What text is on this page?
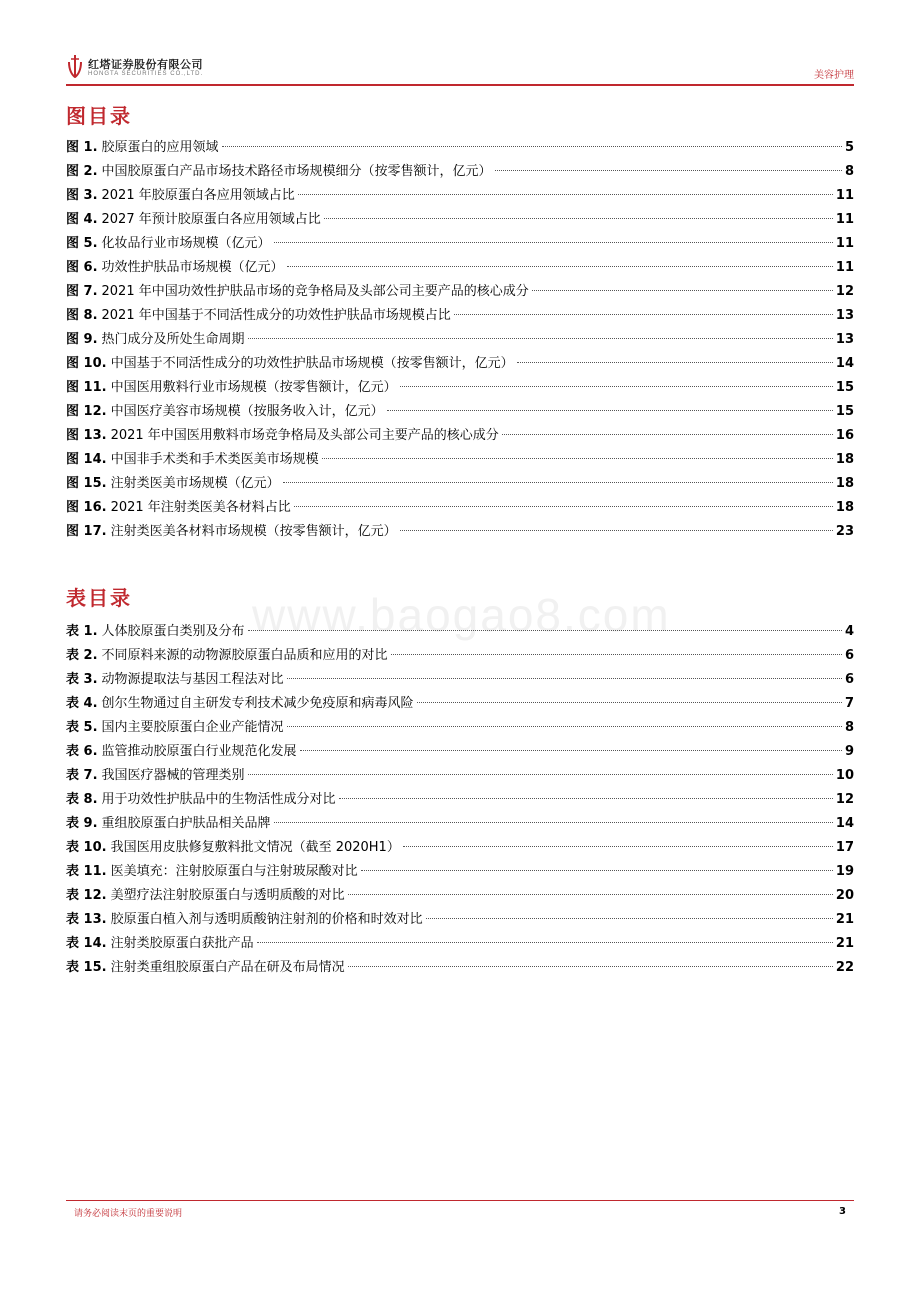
红塔证券股份有限公司
HONGTA SECURITIES CO.,LTD.	美容护理
www.baogao8.com
图目录
图 1. 胶原蛋白的应用领域	5
图 2. 中国胶原蛋白产品市场技术路径市场规模细分（按零售额计，亿元）	8
图 3. 2021 年胶原蛋白各应用领域占比	11
图 4. 2027 年预计胶原蛋白各应用领域占比	11
图 5. 化妆品行业市场规模（亿元）	11
图 6. 功效性护肤品市场规模（亿元）	11
图 7. 2021 年中国功效性护肤品市场的竞争格局及头部公司主要产品的核心成分	12
图 8. 2021 年中国基于不同活性成分的功效性护肤品市场规模占比	13
图 9. 热门成分及所处生命周期	13
图 10. 中国基于不同活性成分的功效性护肤品市场规模（按零售额计，亿元）	14
图 11. 中国医用敷料行业市场规模（按零售额计，亿元）	15
图 12. 中国医疗美容市场规模（按服务收入计，亿元）	15
图 13. 2021 年中国医用敷料市场竞争格局及头部公司主要产品的核心成分	16
图 14. 中国非手术类和手术类医美市场规模	18
图 15. 注射类医美市场规模（亿元）	18
图 16. 2021 年注射类医美各材料占比	18
图 17. 注射类医美各材料市场规模（按零售额计，亿元）	23
表目录
表 1. 人体胶原蛋白类别及分布	4
表 2. 不同原料来源的动物源胶原蛋白品质和应用的对比	6
表 3. 动物源提取法与基因工程法对比	6
表 4. 创尔生物通过自主研发专利技术减少免疫原和病毒风险	7
表 5. 国内主要胶原蛋白企业产能情况	8
表 6. 监管推动胶原蛋白行业规范化发展	9
表 7. 我国医疗器械的管理类别	10
表 8. 用于功效性护肤品中的生物活性成分对比	12
表 9. 重组胶原蛋白护肤品相关品牌	14
表 10. 我国医用皮肤修复敷料批文情况（截至 2020H1）	17
表 11. 医美填充：注射胶原蛋白与注射玻尿酸对比	19
表 12. 美塑疗法注射胶原蛋白与透明质酸的对比	20
表 13. 胶原蛋白植入剂与透明质酸钠注射剂的价格和时效对比	21
表 14. 注射类胶原蛋白获批产品	21
表 15. 注射类重组胶原蛋白产品在研及布局情况	22
请务必阅读末页的重要说明	3
